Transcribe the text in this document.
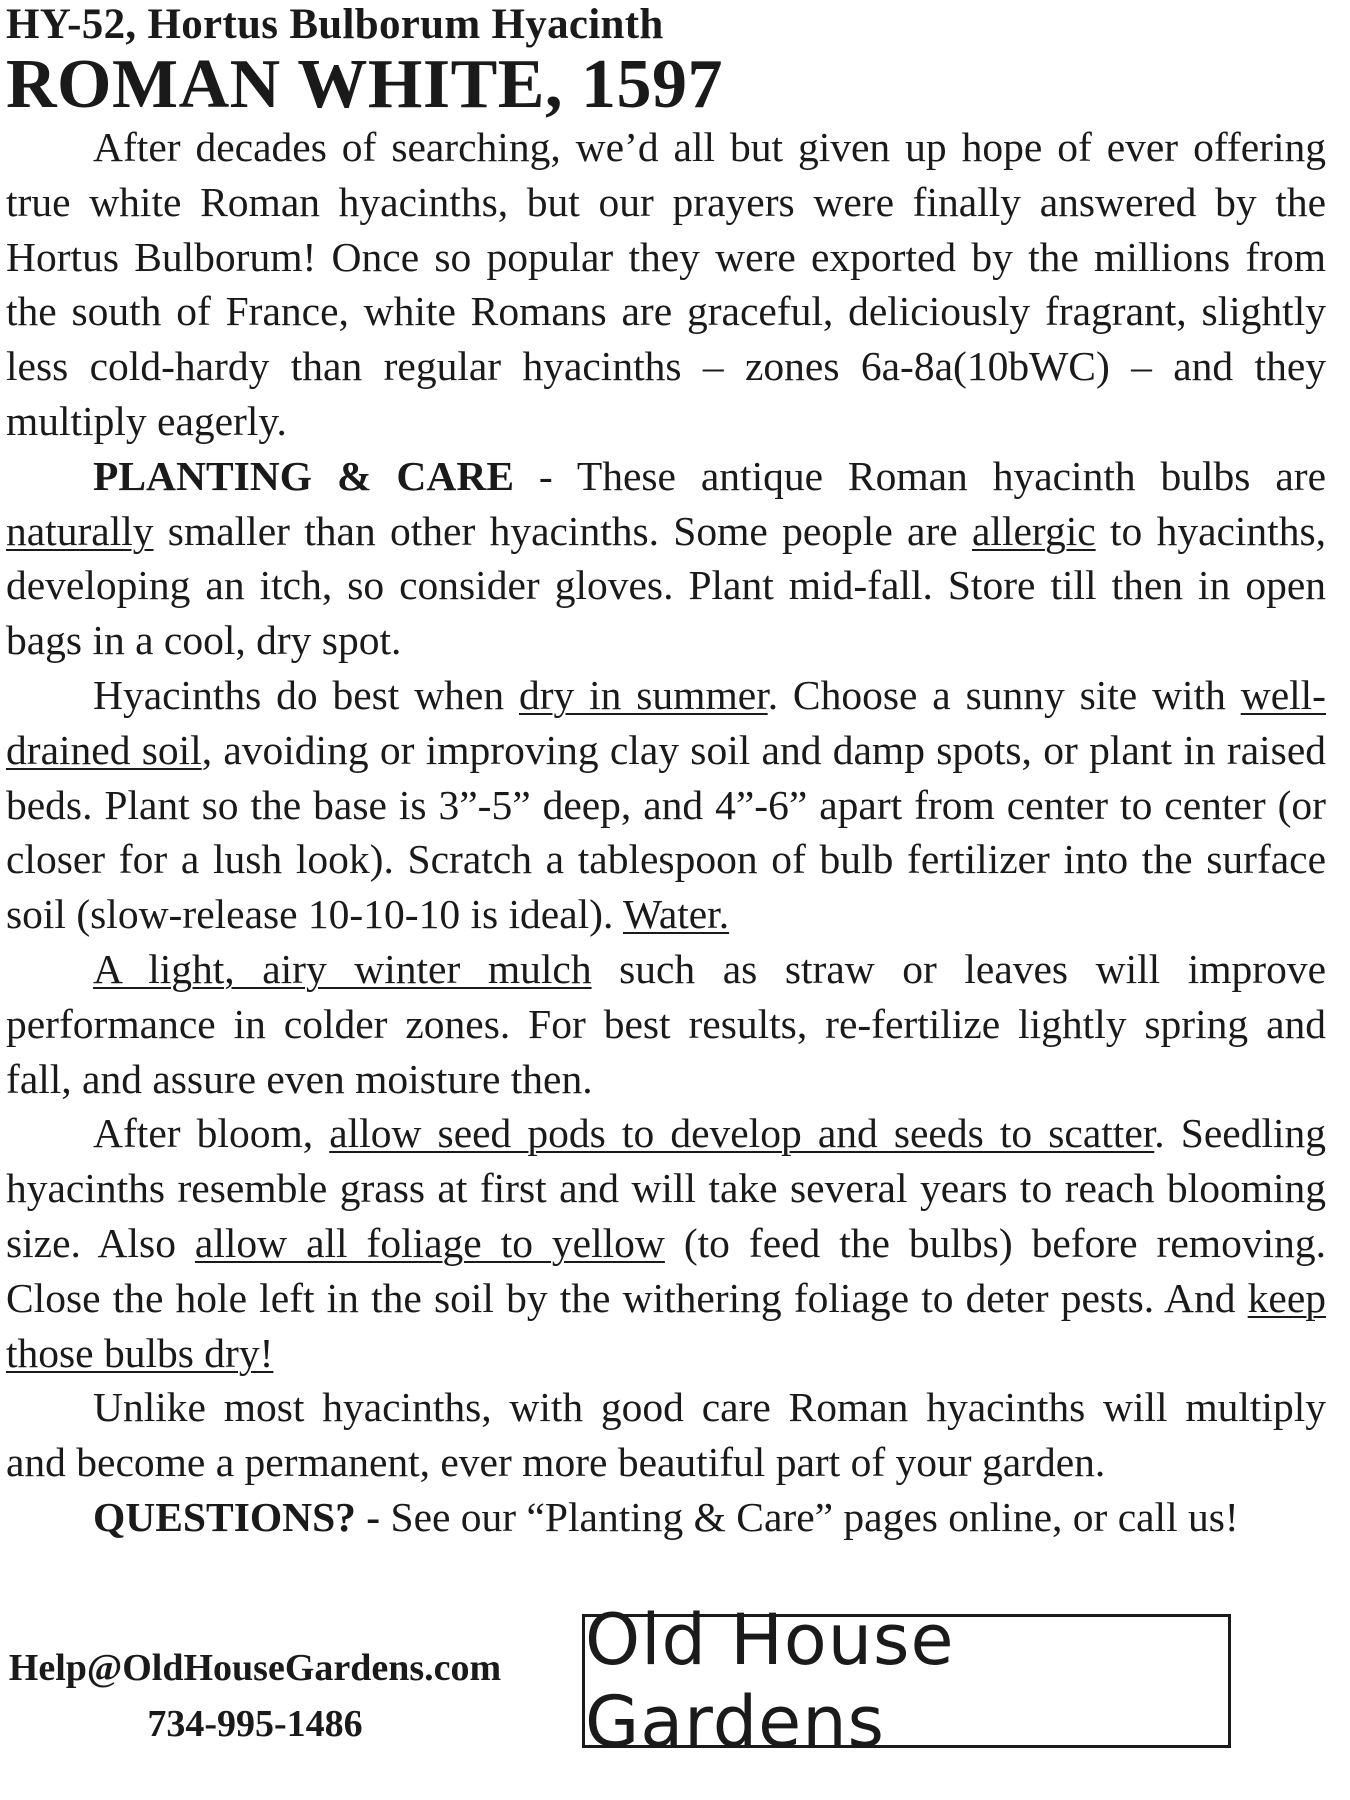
HY-52, Hortus Bulborum Hyacinth
ROMAN WHITE, 1597

After decades of searching, we’d all but given up hope of ever offering true white Roman hyacinths, but our prayers were finally answered by the Hortus Bulborum! Once so popular they were exported by the millions from the south of France, white Romans are graceful, deliciously fragrant, slightly less cold-hardy than regular hyacinths – zones 6a-8a(10bWC) – and they multiply eagerly.

PLANTING & CARE - These antique Roman hyacinth bulbs are naturally smaller than other hyacinths. Some people are allergic to hyacinths, developing an itch, so consider gloves. Plant mid-fall. Store till then in open bags in a cool, dry spot.

Hyacinths do best when dry in summer. Choose a sunny site with well-drained soil, avoiding or improving clay soil and damp spots, or plant in raised beds. Plant so the base is 3”-5” deep, and 4”-6” apart from center to center (or closer for a lush look). Scratch a tablespoon of bulb fertilizer into the surface soil (slow-release 10-10-10 is ideal). Water.

A light, airy winter mulch such as straw or leaves will improve performance in colder zones. For best results, re-fertilize lightly spring and fall, and assure even moisture then.

After bloom, allow seed pods to develop and seeds to scatter. Seedling hyacinths resemble grass at first and will take several years to reach blooming size. Also allow all foliage to yellow (to feed the bulbs) before removing. Close the hole left in the soil by the withering foliage to deter pests. And keep those bulbs dry!

Unlike most hyacinths, with good care Roman hyacinths will multiply and become a permanent, ever more beautiful part of your garden.

QUESTIONS? - See our “Planting & Care” pages online, or call us!

Help@OldHouseGardens.com
734-995-1486
Old House Gardens
